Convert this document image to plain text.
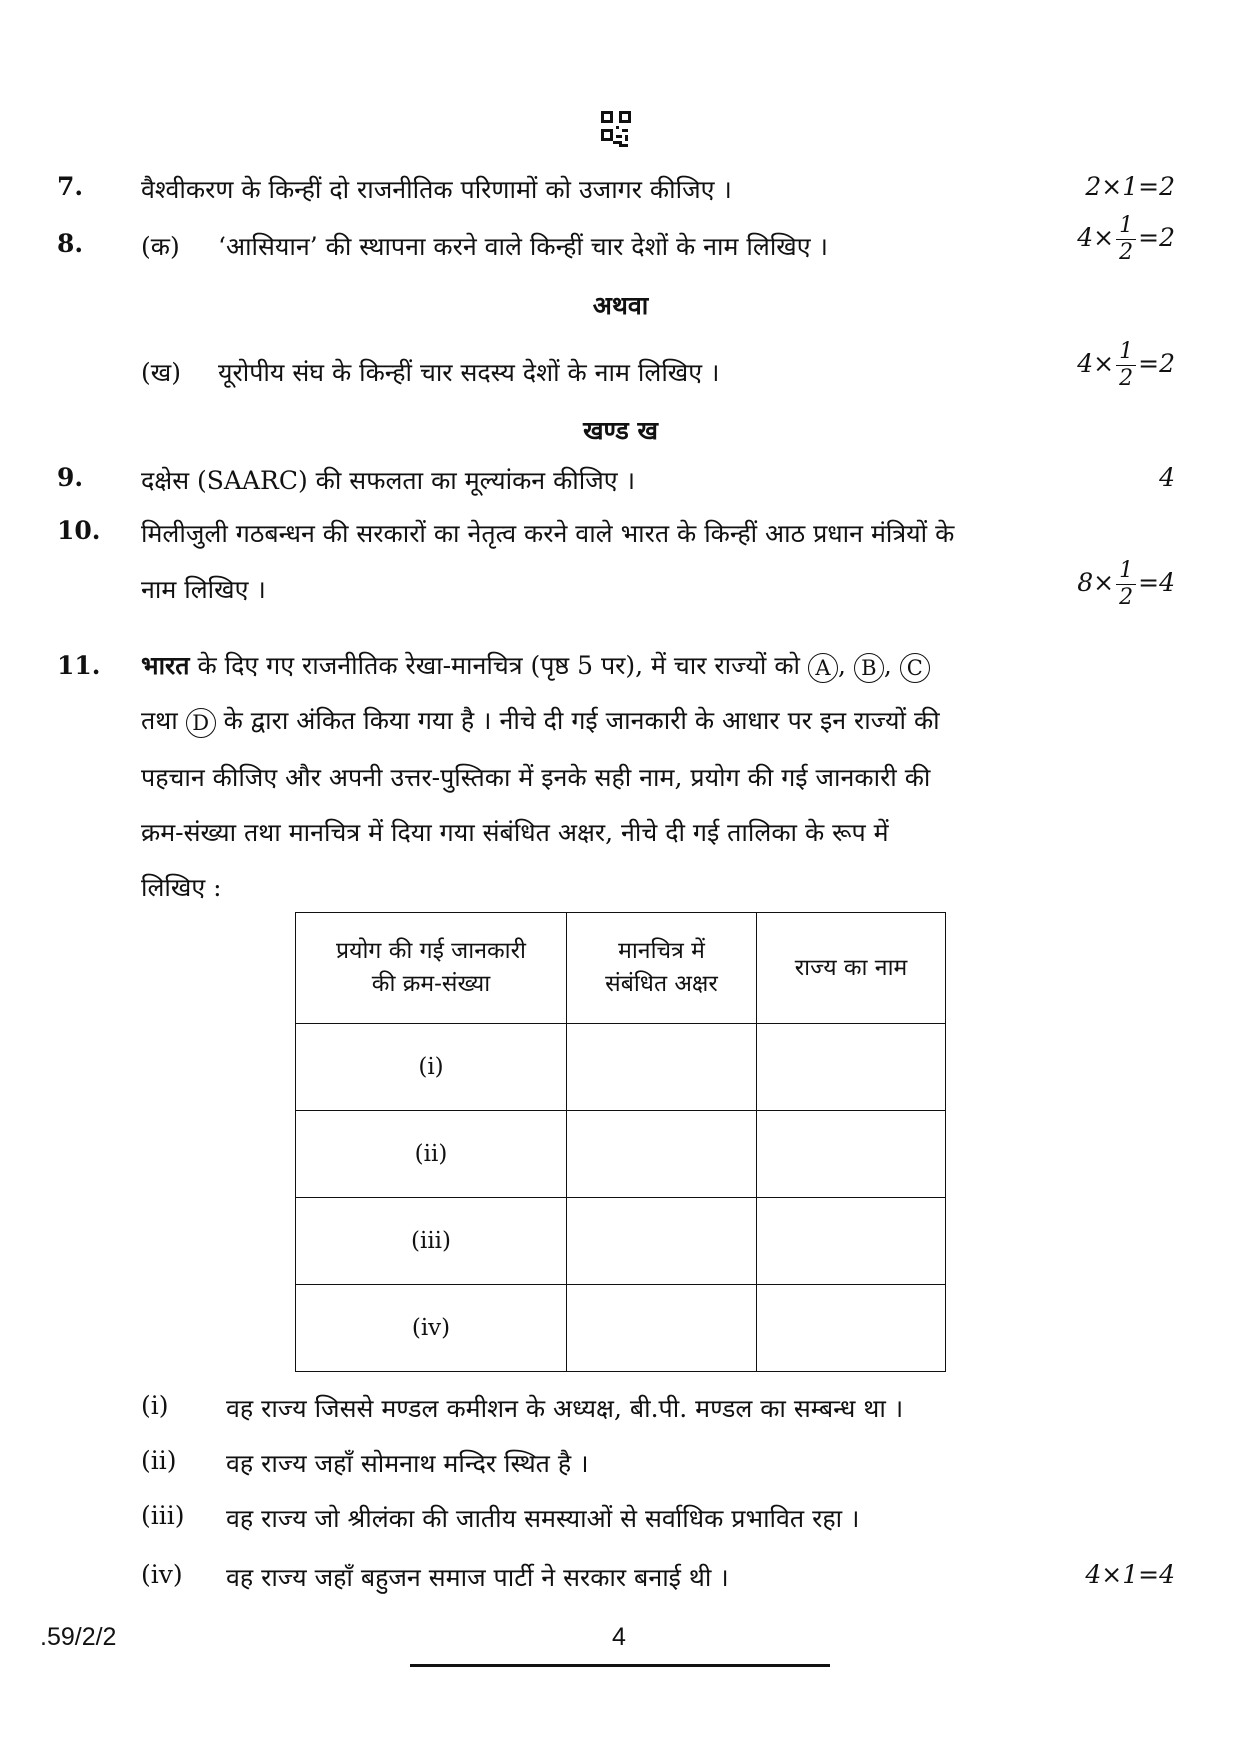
7. वैश्वीकरण के किन्हीं दो राजनीतिक परिणामों को उजागर कीजिए ।	2×1=2
8. (क) ‘आसियान’ की स्थापना करने वाले किन्हीं चार देशों के नाम लिखिए ।	$4\times \frac{1}{2} =2$
अथवा
(ख) यूरोपीय संघ के किन्हीं चार सदस्य देशों के नाम लिखिए ।	$4\times \frac{1}{2} =2$
खण्ड ख
9. दक्षेस (SAARC) की सफलता का मूल्यांकन कीजिए ।	4
10. मिलीजुली गठबन्धन की सरकारों का नेतृत्व करने वाले भारत के किन्हीं आठ प्रधान मंत्रियों के
नाम लिखिए ।	$8\times \frac{1}{2} =4$
11. भारत के दिए गए राजनीतिक रेखा-मानचित्र (पृष्ठ 5 पर), में चार राज्यों को A , B , C
तथा D के द्वारा अंकित किया गया है । नीचे दी गई जानकारी के आधार पर इन राज्यों की
पहचान कीजिए और अपनी उत्तर-पुस्तिका में इनके सही नाम, प्रयोग की गई जानकारी की
क्रम-संख्या तथा मानचित्र में दिया गया संबंधित अक्षर, नीचे दी गई तालिका के रूप में
लिखिए :
प्रयोग की गई जानकारी
की क्रम-संख्या	मानचित्र में
संबंधित अक्षर	राज्य का नाम
(i)		
(ii)		
(iii)		
(iv)		
(i) वह राज्य जिससे मण्डल कमीशन के अध्यक्ष, बी.पी. मण्डल का सम्बन्ध था ।
(ii) वह राज्य जहाँ सोमनाथ मन्दिर स्थित है ।
(iii) वह राज्य जो श्रीलंका की जातीय समस्याओं से सर्वाधिक प्रभावित रहा ।
(iv) वह राज्य जहाँ बहुजन समाज पार्टी ने सरकार बनाई थी ।	4×1=4
.59/2/2	4
